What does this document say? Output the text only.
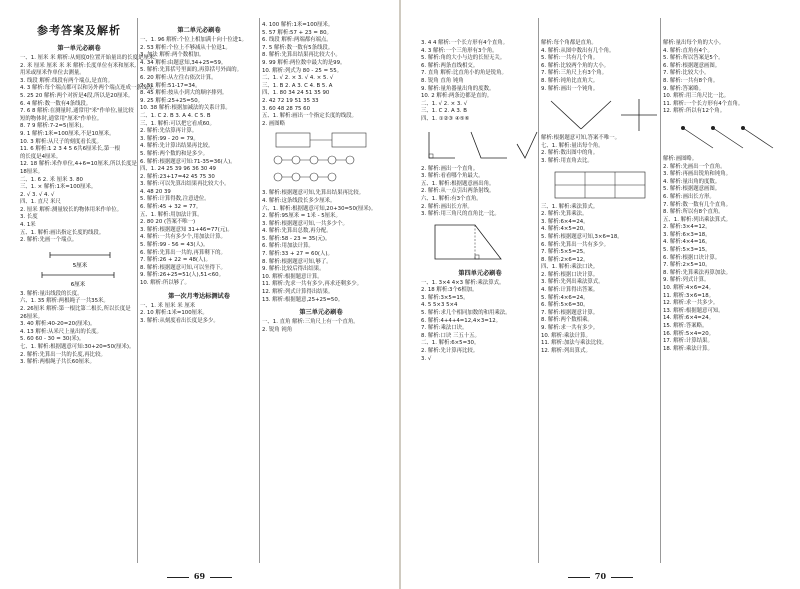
参考答案及解析
第一单元必刷卷
一、1. 厘米 米 解析:从刻度0位置开始量出的长度是厘米。
2. 米 厘米 厘米 米 米 解析:长度单位有米和厘米,
用米或厘米作单位去测量。
3. 线段 解析:线段有两个端点,是直的。
4. 3 解析:每个端点都可以和另外两个端点连成一条线段。
5. 25 20 解析:两个对折是4段,所以是20厘米。
6. 4 解析:数一数有4条线段。
7. 6 8 解析:在测量时,通常用"米"作单位,量比较
短的物体时,通常用"厘米"作单位。
8. 7 9 解析:7-2=5(厘米)。
9. 1 解析:1米=100厘米,不是10厘米。
10. 3 解析:从尺子的刻度看长度。
11. 6 解析:1 2 3 4 5 6共6厘米长,第一根
的长度是4厘米。
12. 18 解析:米作单位,4+6=10厘米,所以长度是
18厘米。
二、1. 6 2. 米 厘米 3. 80
三、1. × 解析:1米=100厘米。
2. √ 3. √ 4. √
四、1. 直尺 米尺
2. 厘米 解析:测量较长的物体用米作单位。
3. 长度
4. 1米
五、1. 解析:画出指定长度的线段。
2. 解析:先画一个端点。
5厘米
6厘米
3. 解析:量出线段的长度。
六、1. 35 解析:两根绳子一共35米。
2. 26厘米 解析:第一根比第二根长,所以长度是
26厘米。
3. 40 解析:40-20=20(厘米)。
4. 13 解析:从米尺上量出的长度。
5. 60 60 - 30 = 30(米)。
七、1. 解析:根据题意可知:30+20=50(厘米)。
2. 解析:先算出一共的长度,再比较。
3. 解析:两根绳子共长60厘米。
第二单元必刷卷
一、1. 96 解析:个位上相加满十向十位进1。
2. 53 解析:个位上不够减从十位退1。
3. 加法 解析:两个数相加。
4. 34 解析:由题意知,34+25=59。
5. 解析:先算括号里面的,再算括号外面的。
6. 20 解析:从左往右依次计算。
7. 51 解析:51-17=34。
8. 45 解析:按从小到大的顺序排列。
9. 25 解析:25+25=50。
10. 38 解析:根据加减法的关系计算。
二、1. C 2. B 3. A 4. C 5. B
三、1. 解析:可以把它看成60。
2. 解析:先估算再计算。
3. 解析:99 - 20 = 79。
4. 解析:先计算出结果再比较。
5. 解析:两个数的和是多少。
6. 解析:根据题意可知:71-35=36(人)。
四、1. 24 25 39 96 36 30 49
2. 解析:23+17=42 45 75 30
3. 解析:可以先算出结果再比较大小。
4. 48 20 39
5. 解析:计算得数,注意进位。
6. 解析:45 + 32 = 77。
五、1. 解析:用加法计算。
2. 80 20 (答案不唯一)
3. 解析:根据题意知 31+46=77(元)。
4. 解析:一共有多少个,用加法计算。
5. 解析:99 - 56 = 43(人)。
6. 解析:先算出一共的,再算剩下的。
7. 解析:26 + 22 = 48(人)。
8. 解析:根据题意可知,可以坐得下。
9. 解析:26+25=51(人),51<60。
10. 解析:所以够了。
第一次月考达标测试卷
一、1. 米 厘米 米 厘米
2. 10 解析:1米=100厘米。
3. 解析:从刻度看出长度是多少。
4. 100 解析:1米=100厘米。
5. 57 解析:57 + 23 = 80。
6. 线段 解析:两端都有端点。
7. 5 解析:数一数有5条线段。
8. 解析:先算出结果再比较大小。
9. 99 解析:两位数中最大的是99。
10. 解析:列式为 80 - 25 = 55。
二、1. √ 2. × 3. √ 4. × 5. √
三、1. B 2. A 3. C 4. B 5. A
四、1. 80 34 24 51 35 90
2. 42 72 19 51 35 33
3. 60 48 28 75 60
五、1. 解析:画出一个指定长度的线段。
2. 画图略
3. 解析:根据题意可知,先算出结果再比较。
4. 解析:这条线段长多少厘米。
六、1. 解析:根据题意可知,20+30=50(厘米)。
2. 解析:95厘米 = 1米 - 5厘米。
3. 解析:根据题意可知,一共多少个。
4. 解析:先算出总数,再分配。
5. 解析:58 - 23 = 35(元)。
6. 解析:用加法计算。
7. 解析:33 + 27 = 60(人)。
8. 解析:根据题意可知,够了。
9. 解析:比较后得出结果。
10. 解析:根据题意计算。
11. 解析:先求一共有多少,再求还剩多少。
12. 解析:列式计算得出结果。
13. 解析:根据题意,25+25=50。
第三单元必刷卷
一、1. 直角 解析:三角尺上有一个直角。
2. 锐角 钝角
69
3. 4 4 解析:一个长方形有4个直角。
4. 3 解析:一个三角形有3个角。
5. 解析:角的大小与边的长短无关。
6. 解析:两条直线相交。
7. 直角 解析:比直角小的角是锐角。
8. 锐角 直角 钝角
9. 解析:量角器量出角的度数。
10. 2 解析:两条边都是直的。
二、1. √ 2. × 3. √
三、1. C 2. A 3. B
四、1. ①②③ ④⑤⑥
2. 解析:画出一个直角。
3. 解析:看看哪个角最大。
五、1. 解析:根据题意画出角。
2. 解析:从一点引出两条射线。
六、1. 解析:有3个直角。
2. 解析:画出长方形。
3. 解析:用三角尺的直角比一比。
第四单元必刷卷
一、1. 3×4 4×3 解析:乘法算式。
2. 18 解析:3个6相加。
3. 解析:3×5=15。
4. 5 5×3 5×4
5. 解析:求几个相同加数的和用乘法。
6. 解析:4+4+4=12,4×3=12。
7. 解析:乘法口诀。
8. 解析:口诀 三五十五。
二、1. 解析:6×5=30。
2. 解析:先计算再比较。
3. √
解析:每个角都是直角。
4. 解析:从图中数出有几个角。
5. 解析:一共有几个角。
6. 解析:比较两个角的大小。
7. 解析:三角尺上有3个角。
8. 解析:钝角比直角大。
9. 解析:画出一个钝角。
解析:根据题意可知,答案不唯一。
七、1. 解析:量出每个角。
2. 解析:数出图中的角。
3. 解析:用直角去比。
三、1. 解析:乘法算式。
2. 解析:先算乘法。
3. 解析:6×4=24。
4. 解析:4×5=20。
5. 解析:根据题意可知,3×6=18。
6. 解析:先算出一共有多少。
7. 解析:5×5=25。
8. 解析:2×6=12。
四、1. 解析:乘法口诀。
2. 解析:根据口诀计算。
3. 解析:先列出乘法算式。
4. 解析:计算得出答案。
5. 解析:4×6=24。
6. 解析:5×6=30。
7. 解析:根据题意计算。
8. 解析:两个数相乘。
9. 解析:求一共有多少。
10. 解析:乘法计算。
11. 解析:加法与乘法比较。
12. 解析:列出算式。
解析:量出每个角的大小。
4. 解析:直角有4个。
5. 解析:所以答案是5个。
6. 解析:根据题意画图。
7. 解析:比较大小。
8. 解析:一共有8个角。
9. 解析:答案略。
10. 解析:用三角尺比一比。
11. 解析:一个长方形有4个直角。
12. 解析:所以有12个角。
解析:画图略。
2. 解析:先画出一个直角。
3. 解析:再画出锐角和钝角。
4. 解析:量出角的度数。
5. 解析:根据题意画图。
6. 解析:画出长方形。
7. 解析:数一数有几个直角。
8. 解析:所以有8个直角。
五、1. 解析:列出乘法算式。
2. 解析:3×4=12。
3. 解析:6×3=18。
4. 解析:4×4=16。
5. 解析:5×3=15。
6. 解析:根据口诀计算。
7. 解析:2×5=10。
8. 解析:先算乘法再算加法。
9. 解析:列式计算。
10. 解析:4×6=24。
11. 解析:3×6=18。
12. 解析:求一共多少。
13. 解析:根据题意可知。
14. 解析:6×4=24。
15. 解析:答案略。
16. 解析:5×4=20。
17. 解析:计算结果。
18. 解析:乘法计算。
70
